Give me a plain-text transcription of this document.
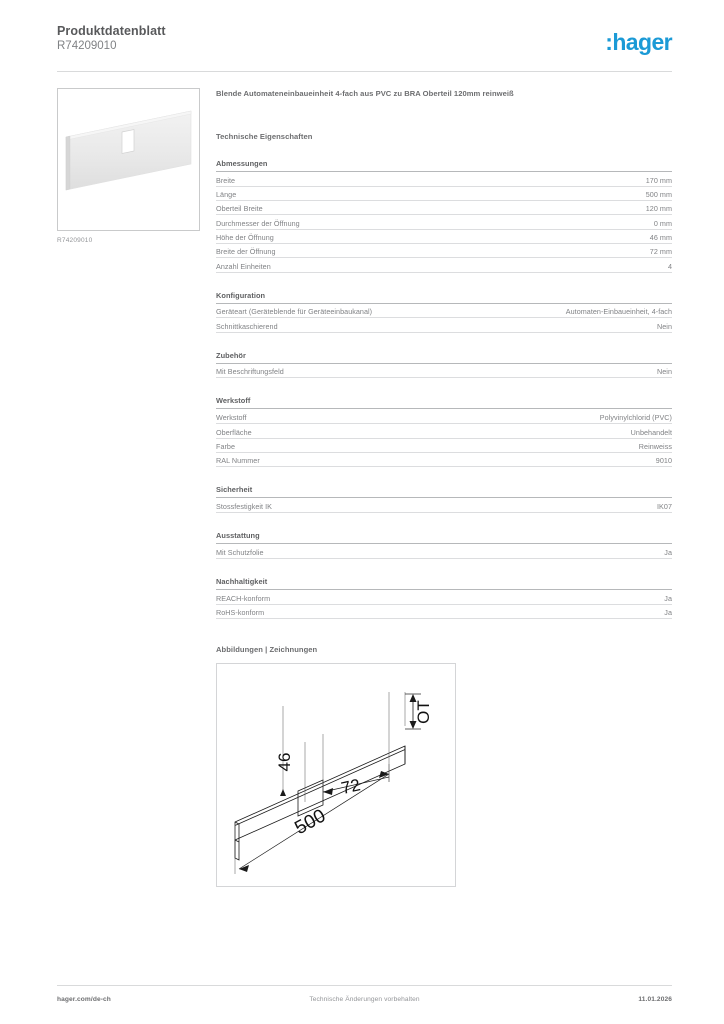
Produktdatenblatt
R74209010	:hager
R74209010
Blende Automateneinbaueinheit 4-fach aus PVC zu BRA Oberteil 120mm reinweiß
Technische Eigenschaften
Abmessungen
Breite	170 mm
Länge	500 mm
Oberteil Breite	120 mm
Durchmesser der Öffnung	0 mm
Höhe der Öffnung	46 mm
Breite der Öffnung	72 mm
Anzahl Einheiten	4
Konfiguration
Geräteart (Geräteblende für Geräteeinbaukanal)	Automaten-Einbaueinheit, 4-fach
Schnittkaschierend	Nein
Zubehör
Mit Beschriftungsfeld	Nein
Werkstoff
Werkstoff	Polyvinylchlorid (PVC)
Oberfläche	Unbehandelt
Farbe	Reinweiss
RAL Nummer	9010
Sicherheit
Stossfestigkeit IK	IK07
Ausstattung
Mit Schutzfolie	Ja
Nachhaltigkeit
REACH-konform	Ja
RoHS-konform	Ja
Abbildungen | Zeichnungen
500
72
46
OT
hager.com/de-ch	Technische Änderungen vorbehalten	11.01.2026
